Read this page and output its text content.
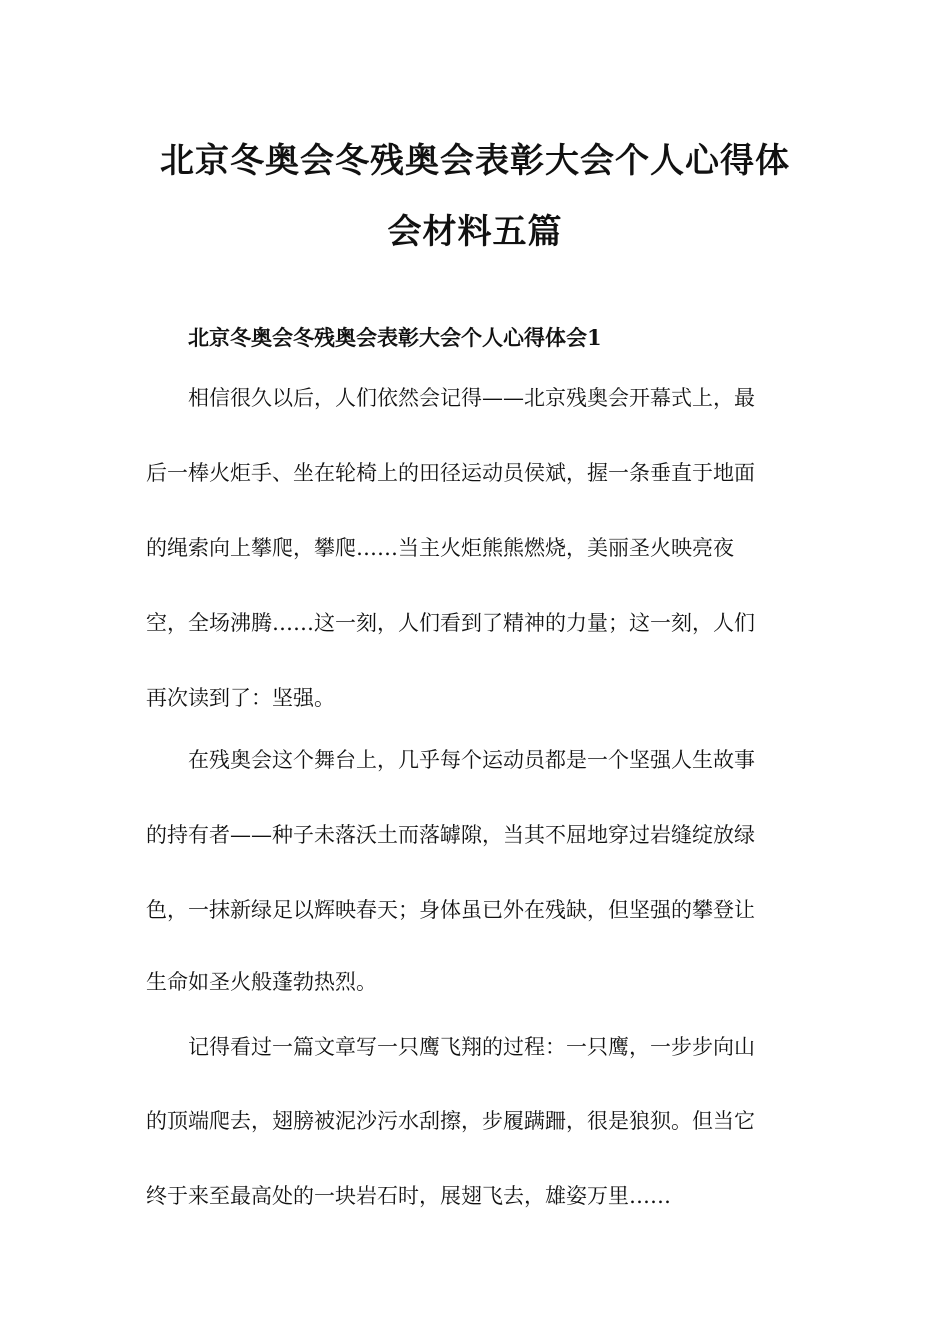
北京冬奥会冬残奥会表彰大会个人心得体
会材料五篇
北京冬奥会冬残奥会表彰大会个人心得体会1
相信很久以后，人们依然会记得——北京残奥会开幕式上，最
后一棒火炬手、坐在轮椅上的田径运动员侯斌，握一条垂直于地面
的绳索向上攀爬，攀爬……当主火炬熊熊燃烧，美丽圣火映亮夜
空，全场沸腾……这一刻，人们看到了精神的力量；这一刻，人们
再次读到了：坚强。
在残奥会这个舞台上，几乎每个运动员都是一个坚强人生故事
的持有者——种子未落沃土而落罅隙，当其不屈地穿过岩缝绽放绿
色，一抹新绿足以辉映春天；身体虽已外在残缺，但坚强的攀登让
生命如圣火般蓬勃热烈。
记得看过一篇文章写一只鹰飞翔的过程：一只鹰，一步步向山
的顶端爬去，翅膀被泥沙污水刮擦，步履蹒跚，很是狼狈。但当它
终于来至最高处的一块岩石时，展翅飞去，雄姿万里……
